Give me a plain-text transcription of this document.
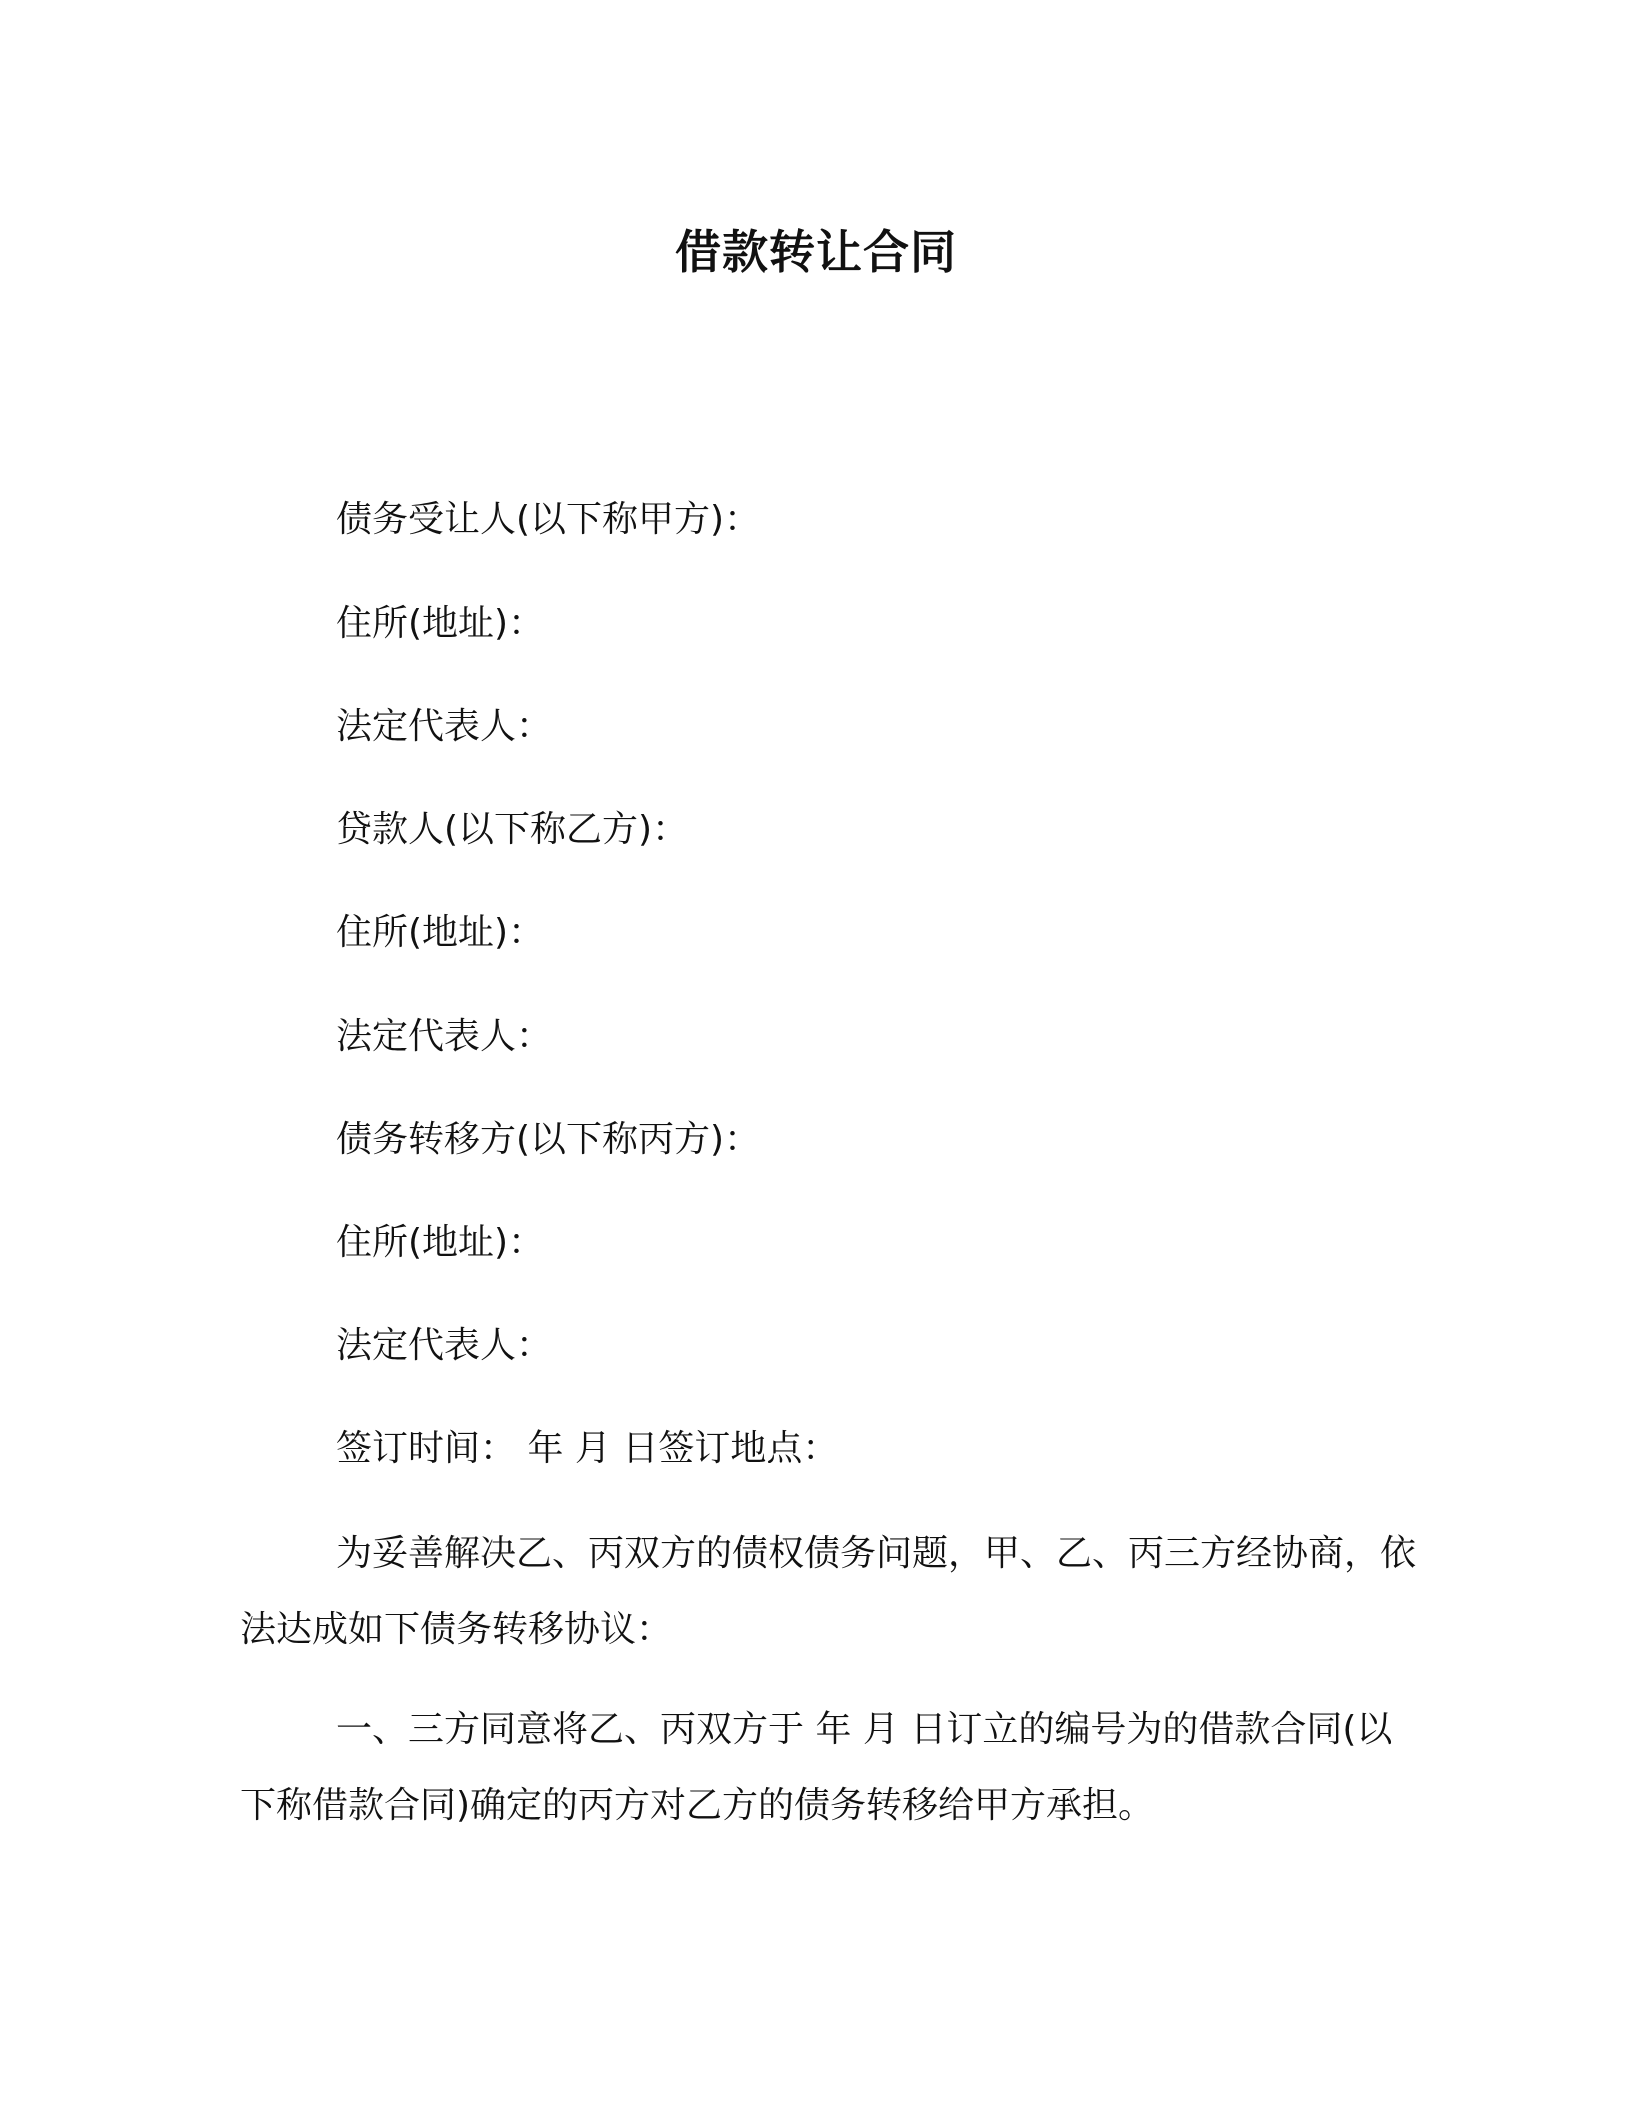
借款转让合同
债务受让人(以下称甲方)：
住所(地址)：
法定代表人：
贷款人(以下称乙方)：
住所(地址)：
法定代表人：
债务转移方(以下称丙方)：
住所(地址)：
法定代表人：
签订时间： 年 月 日签订地点：
为妥善解决乙、丙双方的债权债务问题，甲、乙、丙三方经协商，依法达成如下债务转移协议：
一、三方同意将乙、丙双方于 年 月 日订立的编号为的借款合同(以下称借款合同)确定的丙方对乙方的债务转移给甲方承担。
